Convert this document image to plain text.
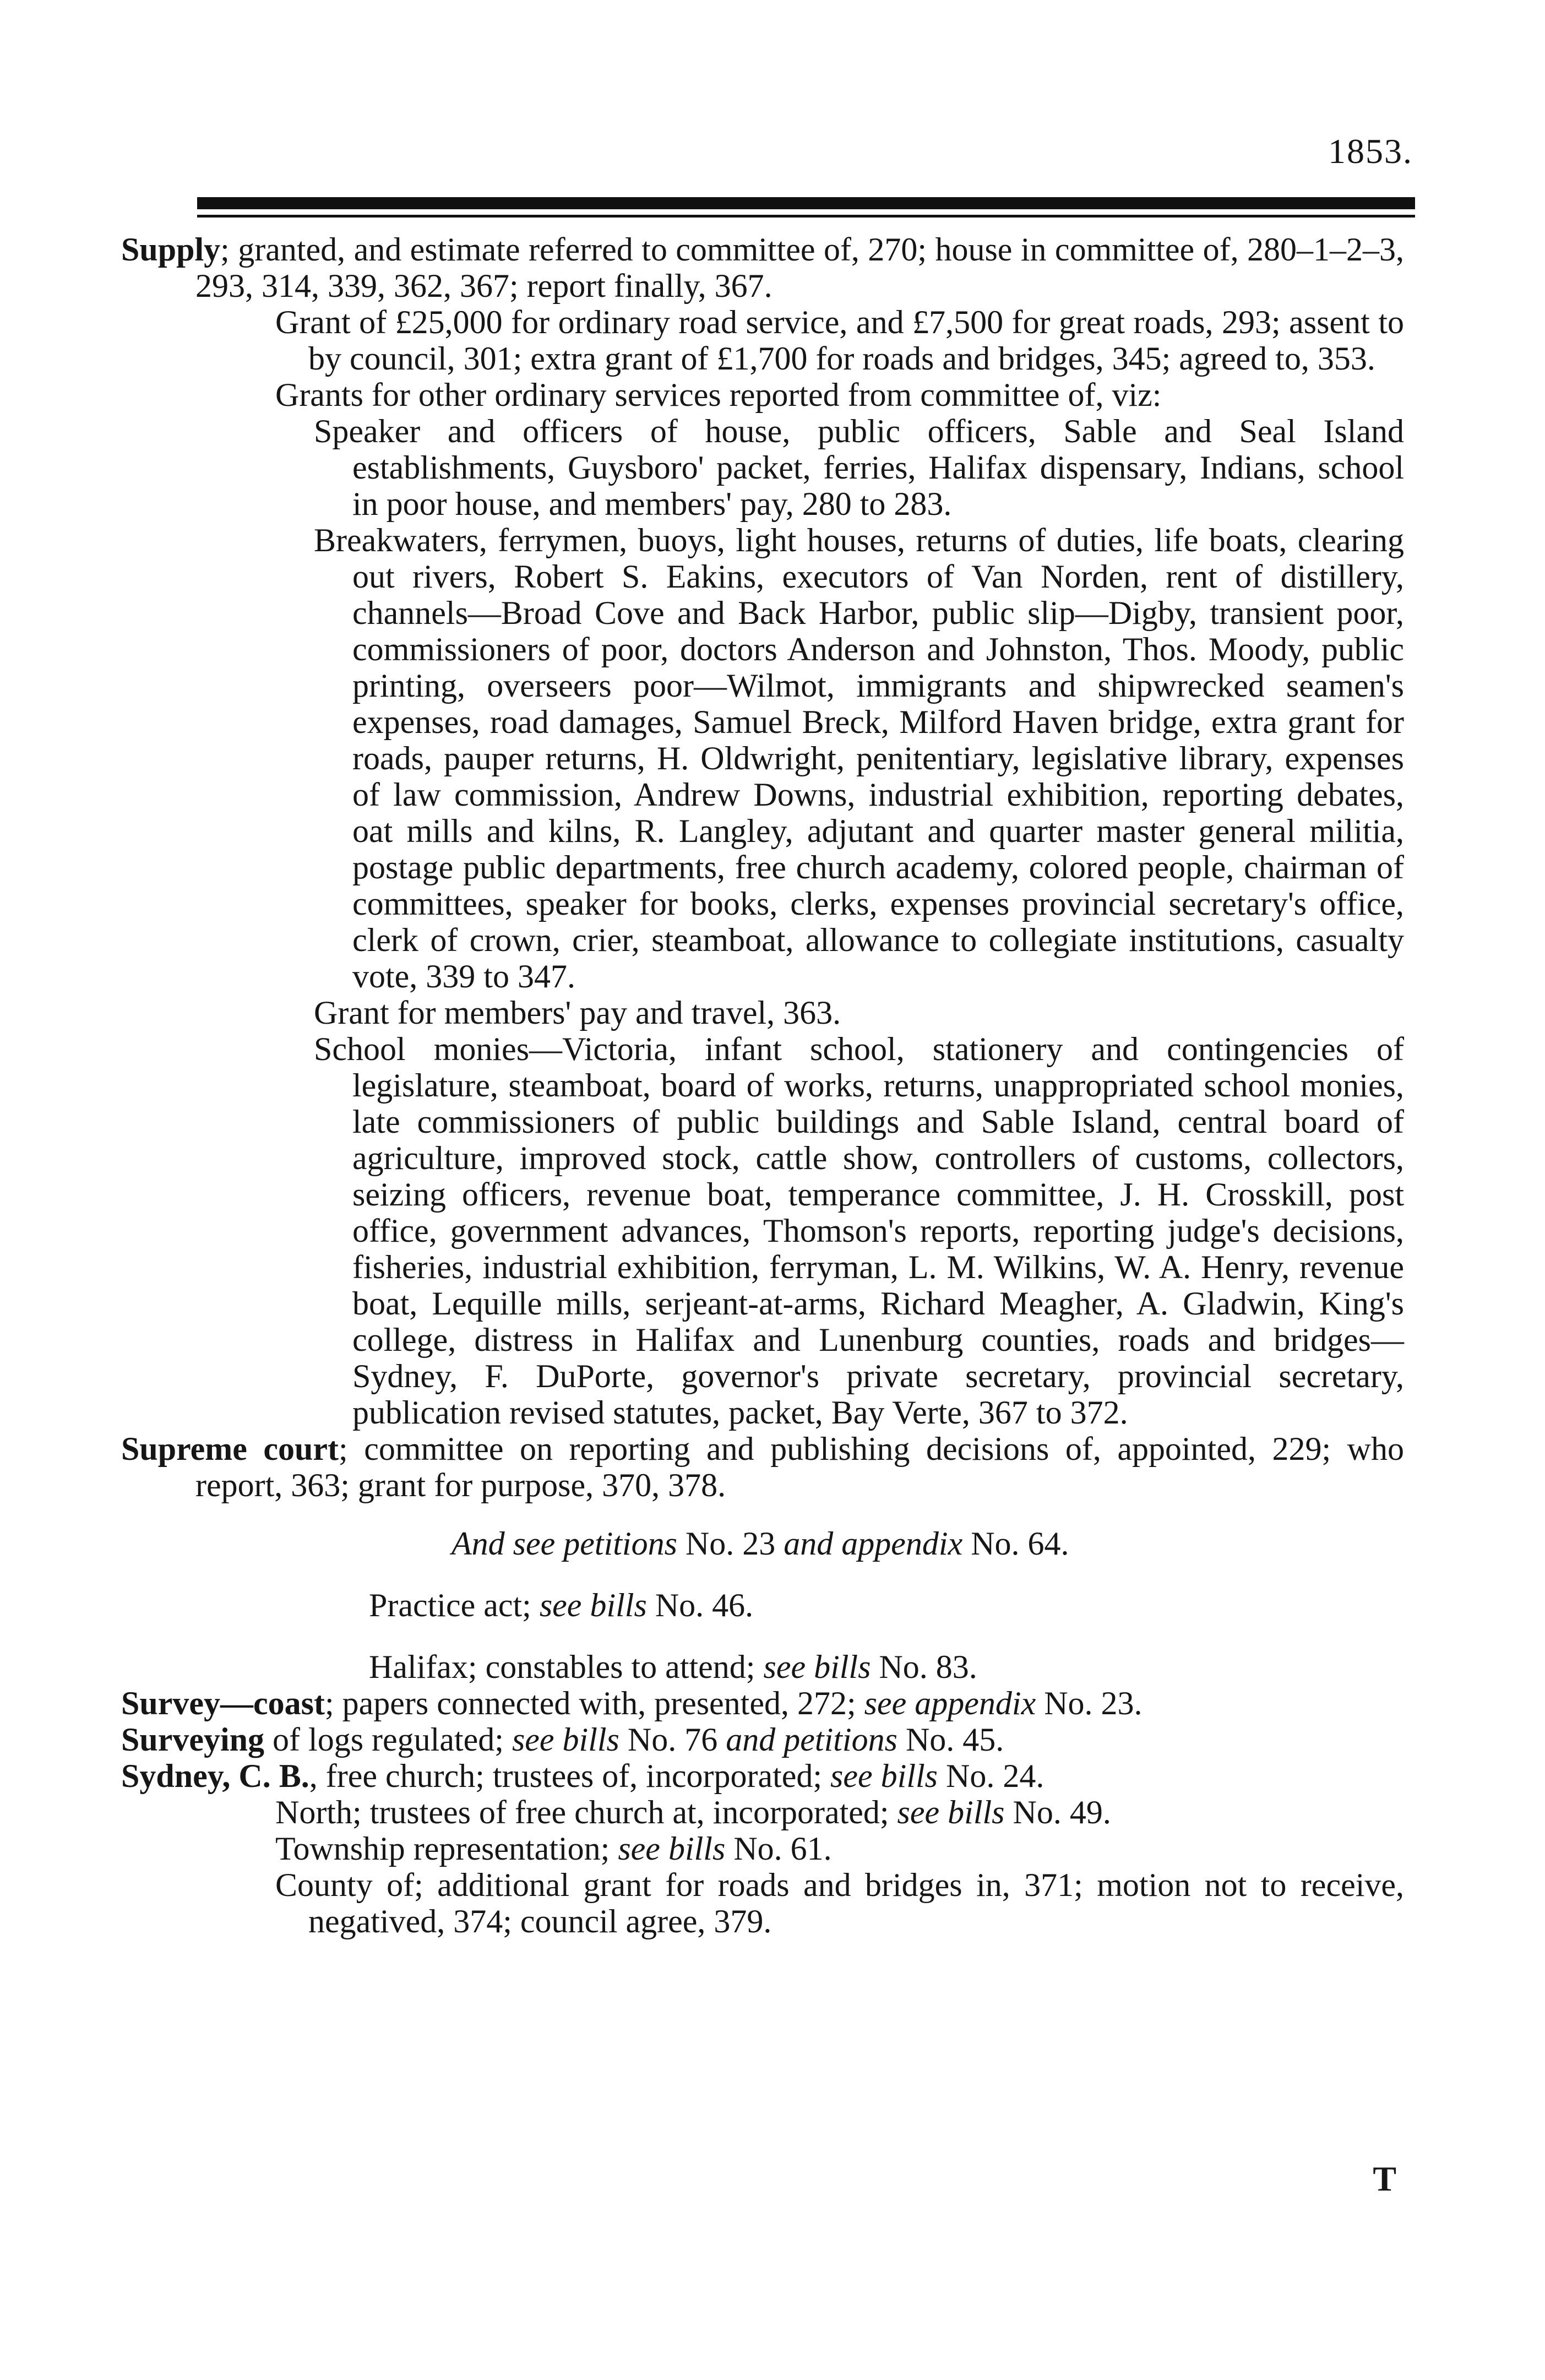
1853.

Supply; granted, and estimate referred to committee of, 270; house in committee of, 280–1–2–3, 293, 314, 339, 362, 367; report finally, 367.

Grant of £25,000 for ordinary road service, and £7,500 for great roads, 293; assent to by council, 301; extra grant of £1,700 for roads and bridges, 345; agreed to, 353.

Grants for other ordinary services reported from committee of, viz:

Speaker and officers of house, public officers, Sable and Seal Island establishments, Guysboro' packet, ferries, Halifax dispensary, Indians, school in poor house, and members' pay, 280 to 283.

Breakwaters, ferrymen, buoys, light houses, returns of duties, life boats, clearing out rivers, Robert S. Eakins, executors of Van Norden, rent of distillery, channels—Broad Cove and Back Harbor, public slip—Digby, transient poor, commissioners of poor, doctors Anderson and Johnston, Thos. Moody, public printing, overseers poor—Wilmot, immigrants and shipwrecked seamen's expenses, road damages, Samuel Breck, Milford Haven bridge, extra grant for roads, pauper returns, H. Oldwright, penitentiary, legislative library, expenses of law commission, Andrew Downs, industrial exhibition, reporting debates, oat mills and kilns, R. Langley, adjutant and quarter master general militia, postage public departments, free church academy, colored people, chairman of committees, speaker for books, clerks, expenses provincial secretary's office, clerk of crown, crier, steamboat, allowance to collegiate institutions, casualty vote, 339 to 347.

Grant for members' pay and travel, 363.

School monies—Victoria, infant school, stationery and contingencies of legislature, steamboat, board of works, returns, unappropriated school monies, late commissioners of public buildings and Sable Island, central board of agriculture, improved stock, cattle show, controllers of customs, collectors, seizing officers, revenue boat, temperance committee, J. H. Crosskill, post office, government advances, Thomson's reports, reporting judge's decisions, fisheries, industrial exhibition, ferryman, L. M. Wilkins, W. A. Henry, revenue boat, Lequille mills, serjeant-at-arms, Richard Meagher, A. Gladwin, King's college, distress in Halifax and Lunenburg counties, roads and bridges—Sydney, F. DuPorte, governor's private secretary, provincial secretary, publication revised statutes, packet, Bay Verte, 367 to 372.

Supreme court; committee on reporting and publishing decisions of, appointed, 229; who report, 363; grant for purpose, 370, 378.

And see petitions No. 23 and appendix No. 64.

Practice act; see bills No. 46.

Halifax; constables to attend; see bills No. 83.

Survey—coast; papers connected with, presented, 272; see appendix No. 23.

Surveying of logs regulated; see bills No. 76 and petitions No. 45.

Sydney, C. B., free church; trustees of, incorporated; see bills No. 24.

North; trustees of free church at, incorporated; see bills No. 49.

Township representation; see bills No. 61.

County of; additional grant for roads and bridges in, 371; motion not to receive, negatived, 374; council agree, 379.

T
